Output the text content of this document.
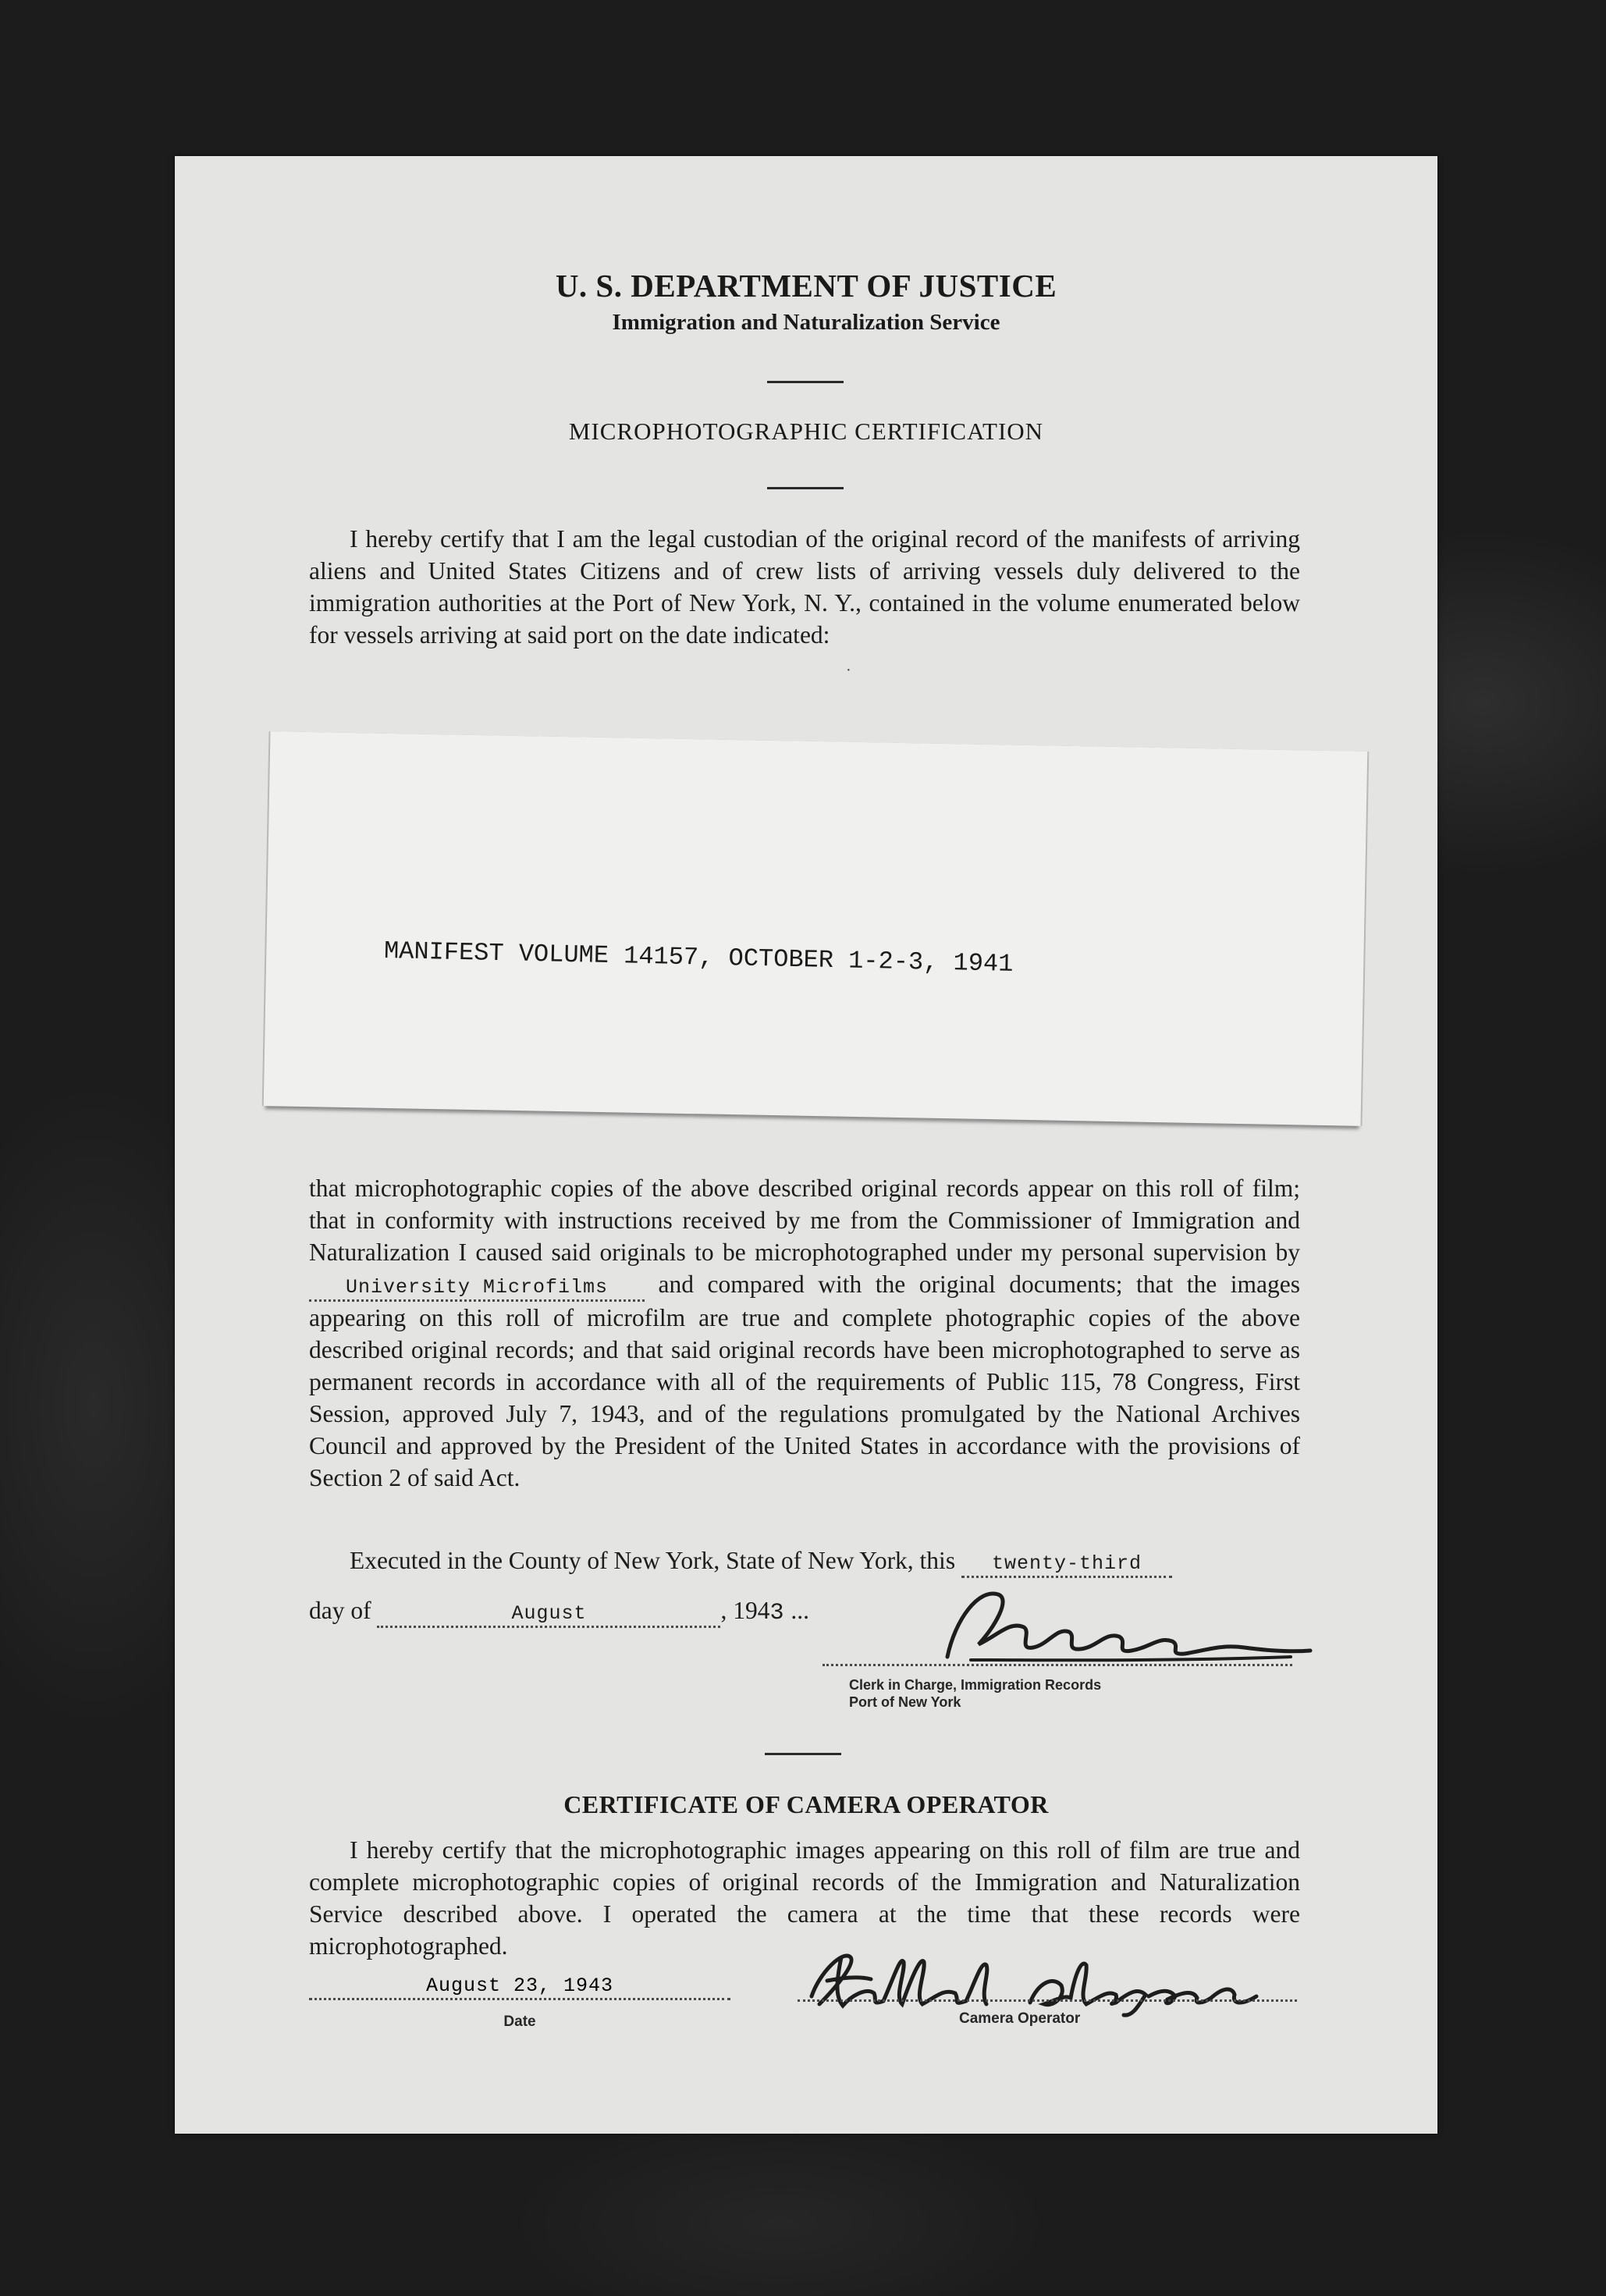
U. S. DEPARTMENT OF JUSTICE
Immigration and Naturalization Service
MICROPHOTOGRAPHIC CERTIFICATION
I hereby certify that I am the legal custodian of the original record of the manifests of arriving aliens and United States Citizens and of crew lists of arriving vessels duly delivered to the immigration authorities at the Port of New York, N. Y., contained in the volume enumerated below for vessels arriving at said port on the date indicated:
·
MANIFEST VOLUME 14157, OCTOBER 1-2-3, 1941
that microphotographic copies of the above described original records appear on this roll of film; that in conformity with instructions received by me from the Commissioner of Immigration and Naturalization I caused said originals to be microphotographed under my personal supervision by University Microfilms and compared with the original documents; that the images appearing on this roll of microfilm are true and complete photographic copies of the above described original records; and that said original records have been microphotographed to serve as permanent records in accordance with all of the requirements of Public 115, 78 Congress, First Session, approved July 7, 1943, and of the regulations promulgated by the National Archives Council and approved by the President of the United States in accordance with the provisions of Section 2 of said Act.
Executed in the County of New York, State of New York, this twenty-third
day of	August	, 1943 ...
Clerk in Charge, Immigration Records
Port of New York
CERTIFICATE OF CAMERA OPERATOR
I hereby certify that the microphotographic images appearing on this roll of film are true and complete microphotographic copies of original records of the Immigration and Naturalization Service described above. I operated the camera at the time that these records were microphotographed.
August 23, 1943
Date	Camera Operator
